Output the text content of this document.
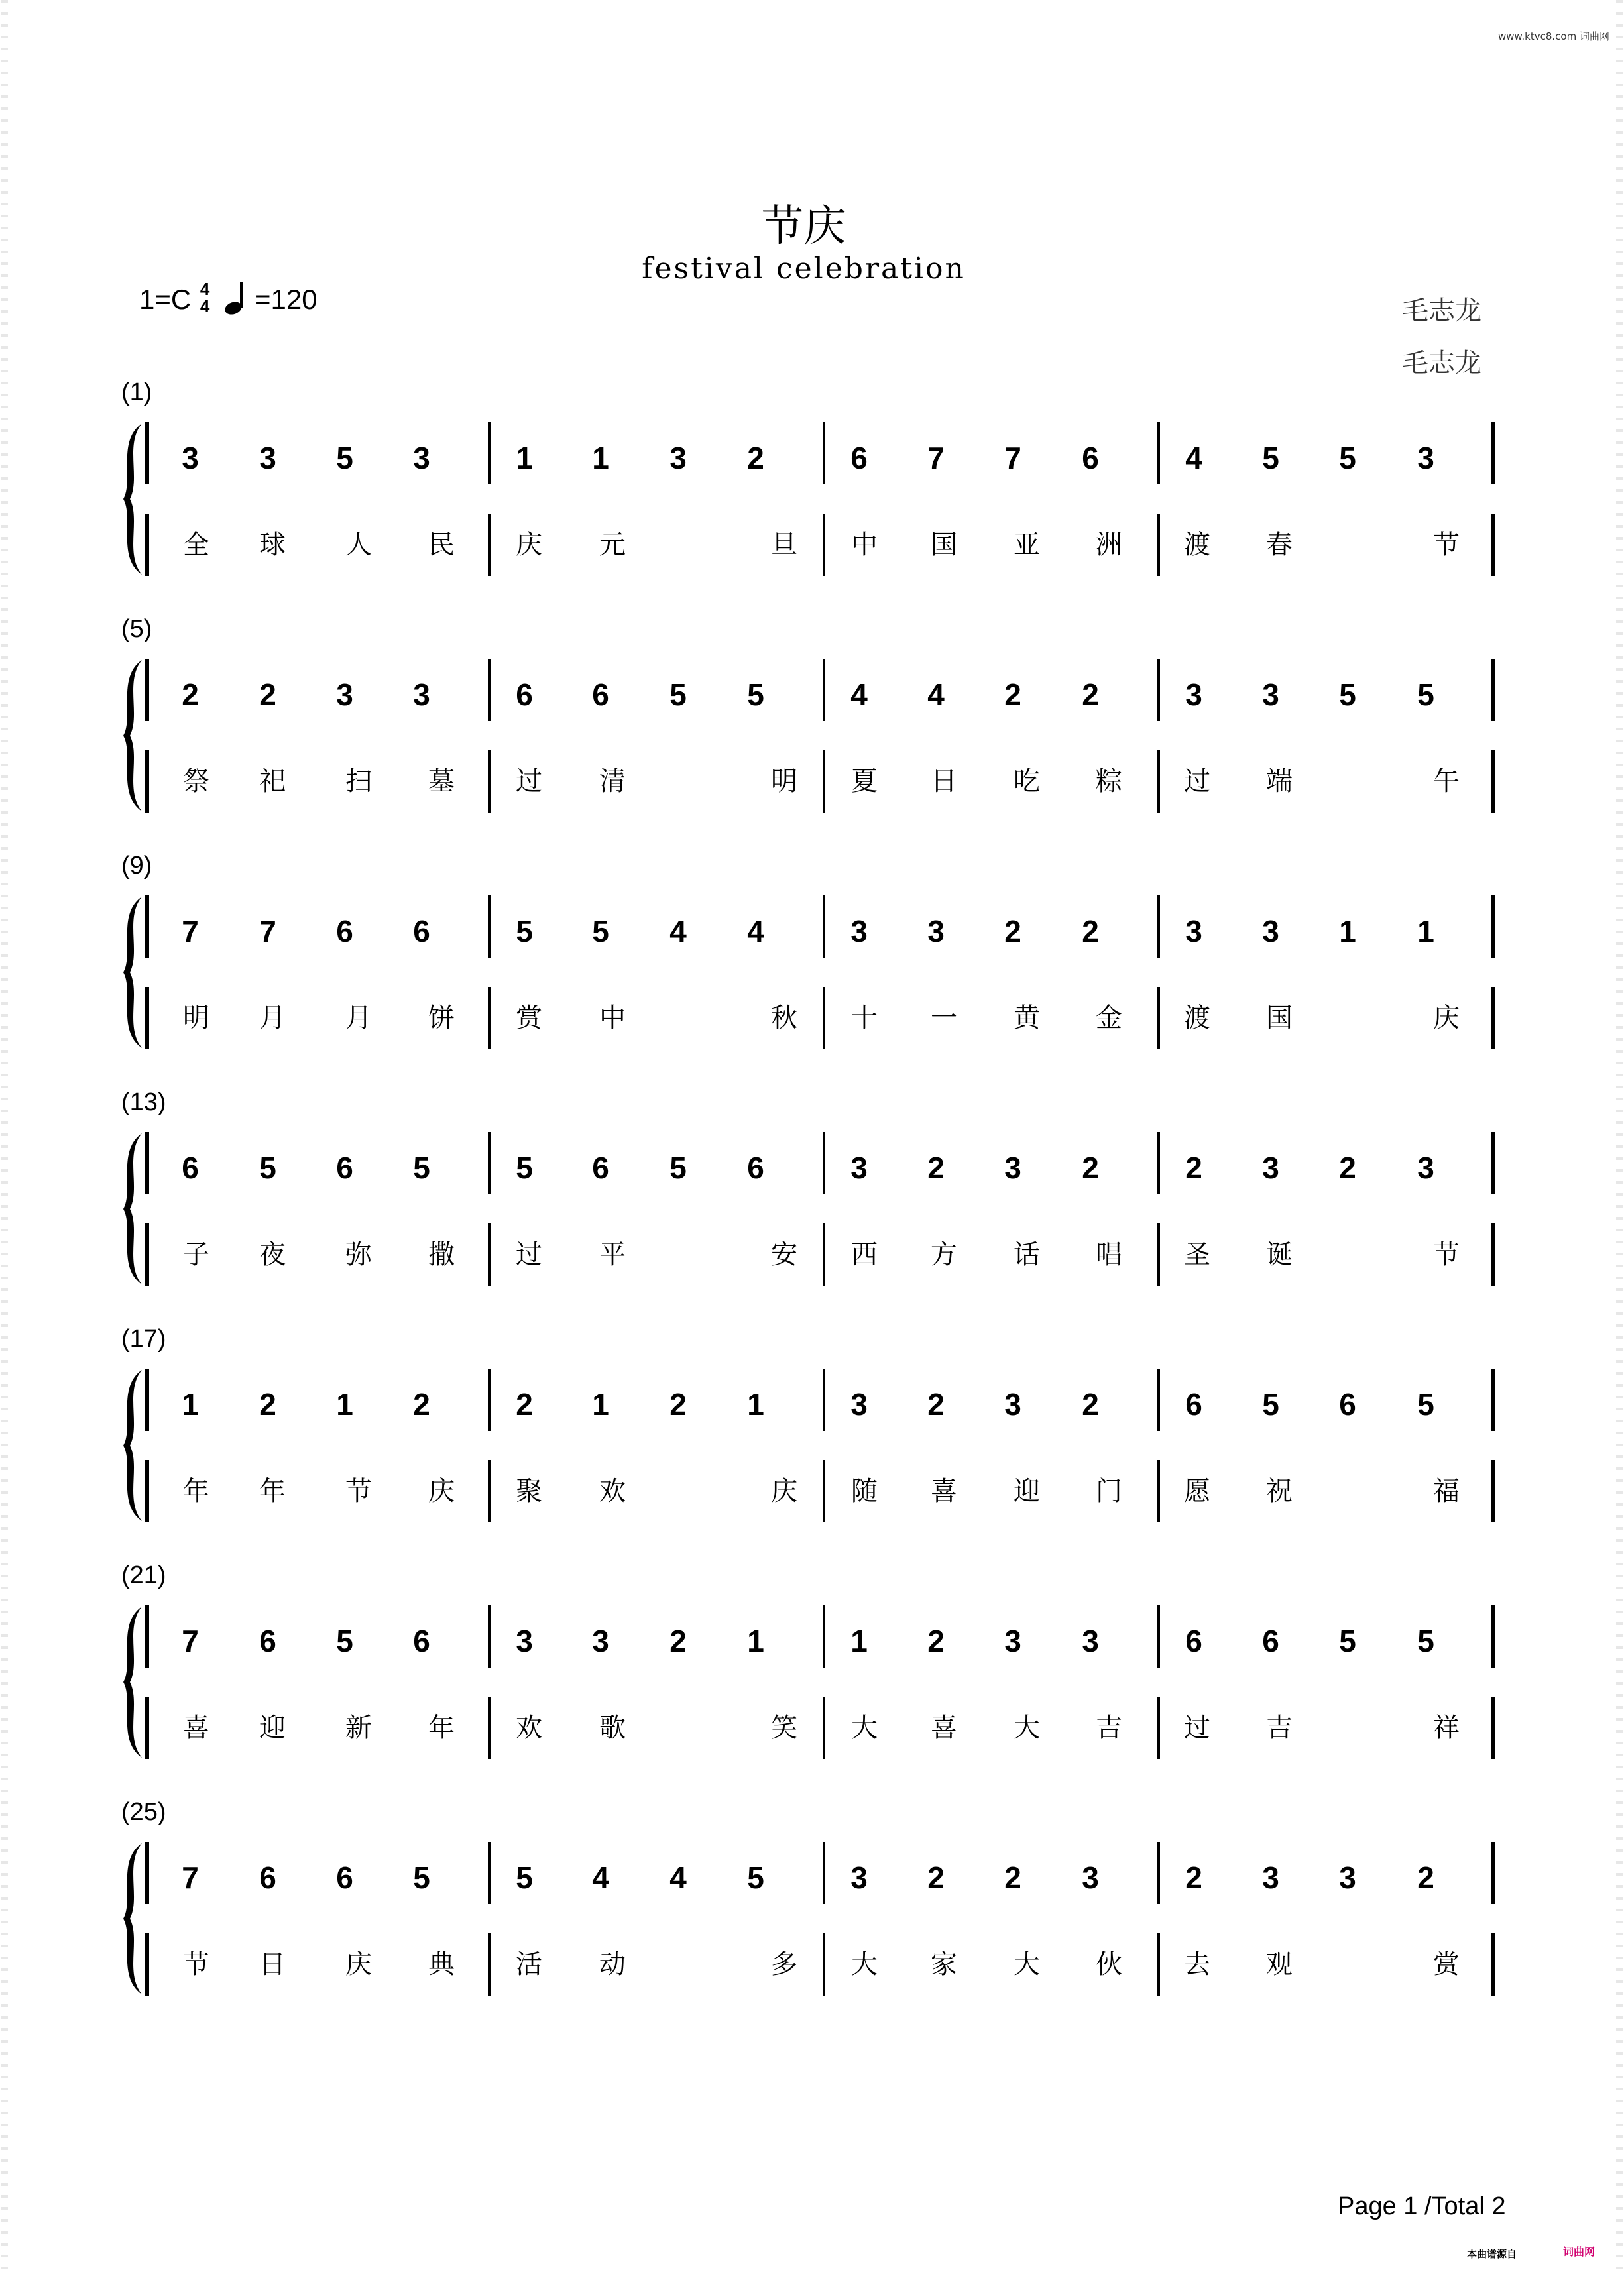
www.ktvc8.com 词曲网
节庆
festival celebration
1=C 4
4 =120	毛志龙
毛志龙
(1)
3 3 5 3
全 球 人 民
1 1 3 2
庆 元	旦
6 7 7 6
中 国 亚 洲
4 5 5 3
渡 春	节
(5)
2 2 3 3
祭 祀 扫 墓
6 6 5 5
过 清	明
4 4 2 2
夏 日 吃 粽
3 3 5 5
过 端	午
(9)
7 7 6 6
明 月 月 饼
5 5 4 4
赏 中	秋
3 3 2 2
十 一 黄 金
3 3 1 1
渡 国	庆
(13)
6 5 6 5
子 夜 弥 撒
5 6 5 6
过 平	安
3 2 3 2
西 方 话 唱
2 3 2 3
圣 诞	节
(17)
1 2 1 2
年 年 节 庆
2 1 2 1
聚 欢	庆
3 2 3 2
随 喜 迎 门
6 5 6 5
愿 祝	福
(21)
7 6 5 6
喜 迎 新 年
3 3 2 1
欢 歌	笑
1 2 3 3
大 喜 大 吉
6 6 5 5
过 吉	祥
(25)
7 6 6 5
节 日 庆 典
5 4 4 5
活 动	多
3 2 2 3
大 家 大 伙
2 3 3 2
去 观	赏
Page 1 /Total 2
本曲谱源自	词曲网
